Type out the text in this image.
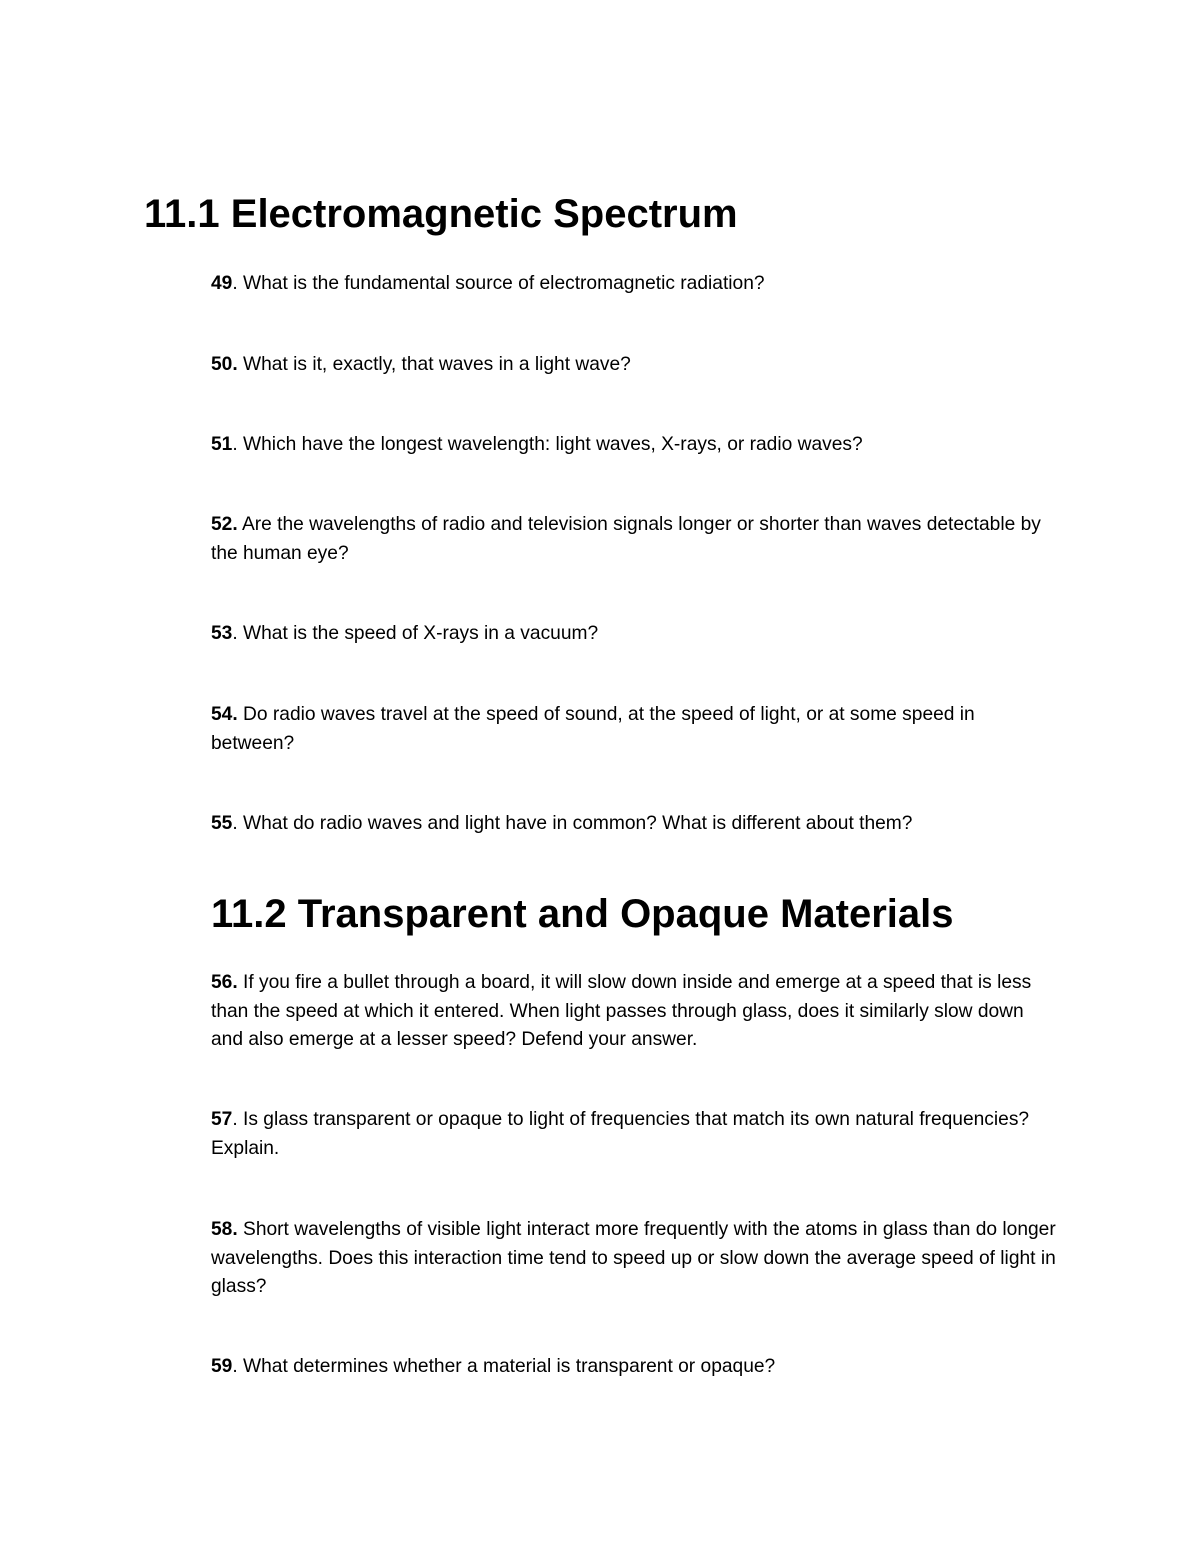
11.1 Electromagnetic Spectrum

49. What is the fundamental source of electromagnetic radiation?

50. What is it, exactly, that waves in a light wave?

51. Which have the longest wavelength: light waves, X-rays, or radio waves?

52. Are the wavelengths of radio and television signals longer or shorter than waves detectable by the human eye?

53. What is the speed of X-rays in a vacuum?

54. Do radio waves travel at the speed of sound, at the speed of light, or at some speed in between?

55. What do radio waves and light have in common? What is different about them?

11.2 Transparent and Opaque Materials

56. If you fire a bullet through a board, it will slow down inside and emerge at a speed that is less than the speed at which it entered. When light passes through glass, does it similarly slow down and also emerge at a lesser speed? Defend your answer.

57. Is glass transparent or opaque to light of frequencies that match its own natural frequencies? Explain.

58. Short wavelengths of visible light interact more frequently with the atoms in glass than do longer wavelengths. Does this interaction time tend to speed up or slow down the average speed of light in glass?

59. What determines whether a material is transparent or opaque?
